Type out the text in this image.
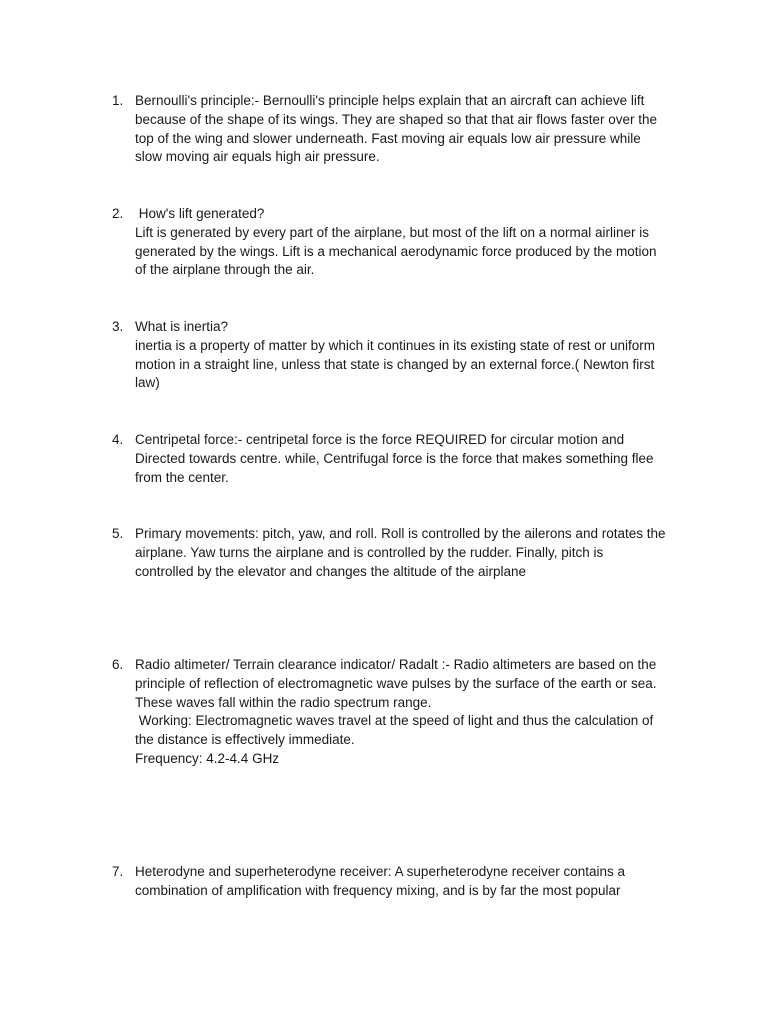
1. Bernoulli's principle:- Bernoulli's principle helps explain that an aircraft can achieve lift
because of the shape of its wings. They are shaped so that that air flows faster over the
top of the wing and slower underneath. Fast moving air equals low air pressure while
slow moving air equals high air pressure.
2. How's lift generated?
Lift is generated by every part of the airplane, but most of the lift on a normal airliner is
generated by the wings. Lift is a mechanical aerodynamic force produced by the motion
of the airplane through the air.
3. What is inertia?
inertia is a property of matter by which it continues in its existing state of rest or uniform
motion in a straight line, unless that state is changed by an external force.( Newton first
law)
4. Centripetal force:- centripetal force is the force REQUIRED for circular motion and
Directed towards centre. while, Centrifugal force is the force that makes something flee
from the center.
5. Primary movements: pitch, yaw, and roll. Roll is controlled by the ailerons and rotates the
airplane. Yaw turns the airplane and is controlled by the rudder. Finally, pitch is
controlled by the elevator and changes the altitude of the airplane
6. Radio altimeter/ Terrain clearance indicator/ Radalt :- Radio altimeters are based on the
principle of reflection of electromagnetic wave pulses by the surface of the earth or sea.
These waves fall within the radio spectrum range.
Working: Electromagnetic waves travel at the speed of light and thus the calculation of
the distance is effectively immediate.
Frequency: 4.2-4.4 GHz
7. Heterodyne and superheterodyne receiver: A superheterodyne receiver contains a
combination of amplification with frequency mixing, and is by far the most popular
